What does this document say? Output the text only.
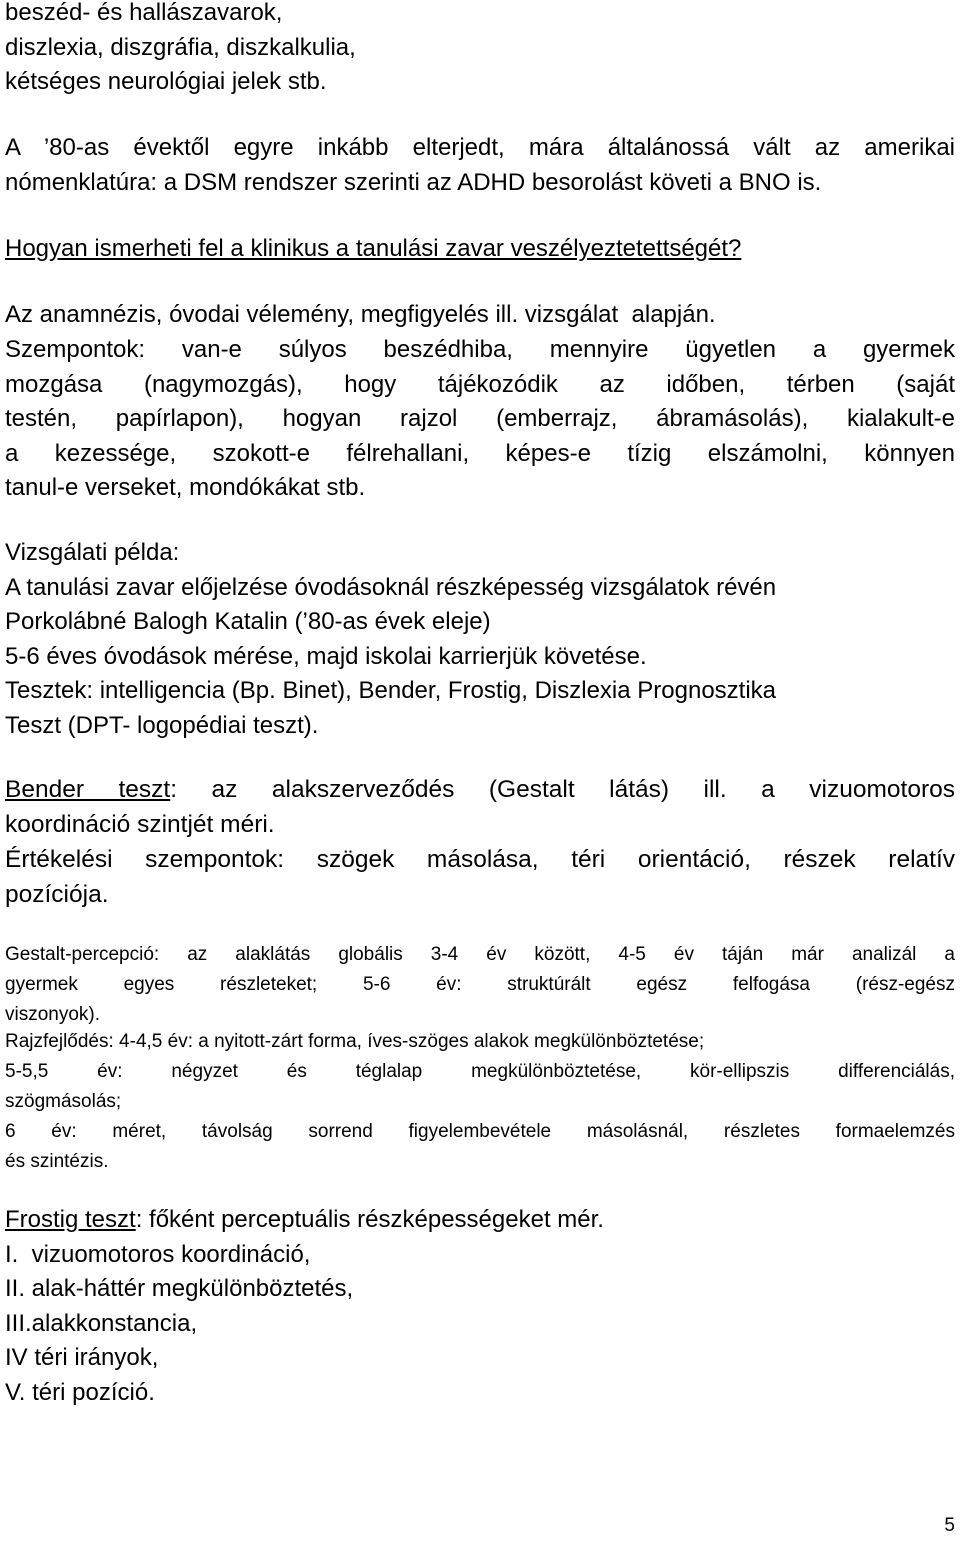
beszéd- és hallászavarok,
diszlexia, diszgráfia, diszkalkulia,
kétséges neurológiai jelek stb.
A  ’80-as  évektől  egyre  inkább  elterjedt,  mára  általánossá  vált  az  amerikai
nómenklatúra: a DSM rendszer szerinti az ADHD besorolást követi a BNO is.
Hogyan ismerheti fel a klinikus a tanulási zavar veszélyeztetettségét?
Az anamnézis, óvodai vélemény, megfigyelés ill. vizsgálat  alapján.
Szempontok: van-e súlyos beszédhiba, mennyire ügyetlen a gyermek
mozgása (nagymozgás), hogy tájékozódik az időben, térben (saját
testén, papírlapon), hogyan rajzol (emberrajz, ábramásolás), kialakult-e
a kezessége, szokott-e félrehallani, képes-e tízig elszámolni, könnyen
tanul-e verseket, mondókákat stb.
Vizsgálati példa:
A tanulási zavar előjelzése óvodásoknál részképesség vizsgálatok révén
Porkolábné Balogh Katalin (’80-as évek eleje)
5-6 éves óvodások mérése, majd iskolai karrierjük követése.
Tesztek: intelligencia (Bp. Binet), Bender, Frostig, Diszlexia Prognosztika
Teszt (DPT- logopédiai teszt).
Bender teszt: az alakszerveződés (Gestalt látás) ill. a vizuomotoros
koordináció szintjét méri.
Értékelési szempontok: szögek másolása, téri orientáció, részek relatív
pozíciója.
Gestalt-percepció: az alaklátás globális 3-4 év között, 4-5 év táján már analizál a
gyermek egyes részleteket; 5-6 év: struktúrált egész felfogása (rész-egész
viszonyok).
Rajzfejlődés: 4-4,5 év: a nyitott-zárt forma, íves-szöges alakok megkülönböztetése;
5-5,5 év: négyzet és téglalap megkülönböztetése, kör-ellipszis differenciálás,
szögmásolás;
6 év: méret, távolság sorrend figyelembevétele másolásnál, részletes formaelemzés
és szintézis.
Frostig teszt: főként perceptuális részképességeket mér.
I.  vizuomotoros koordináció,
II. alak-háttér megkülönböztetés,
III.alakkonstancia,
IV téri irányok,
V. téri pozíció.
5
